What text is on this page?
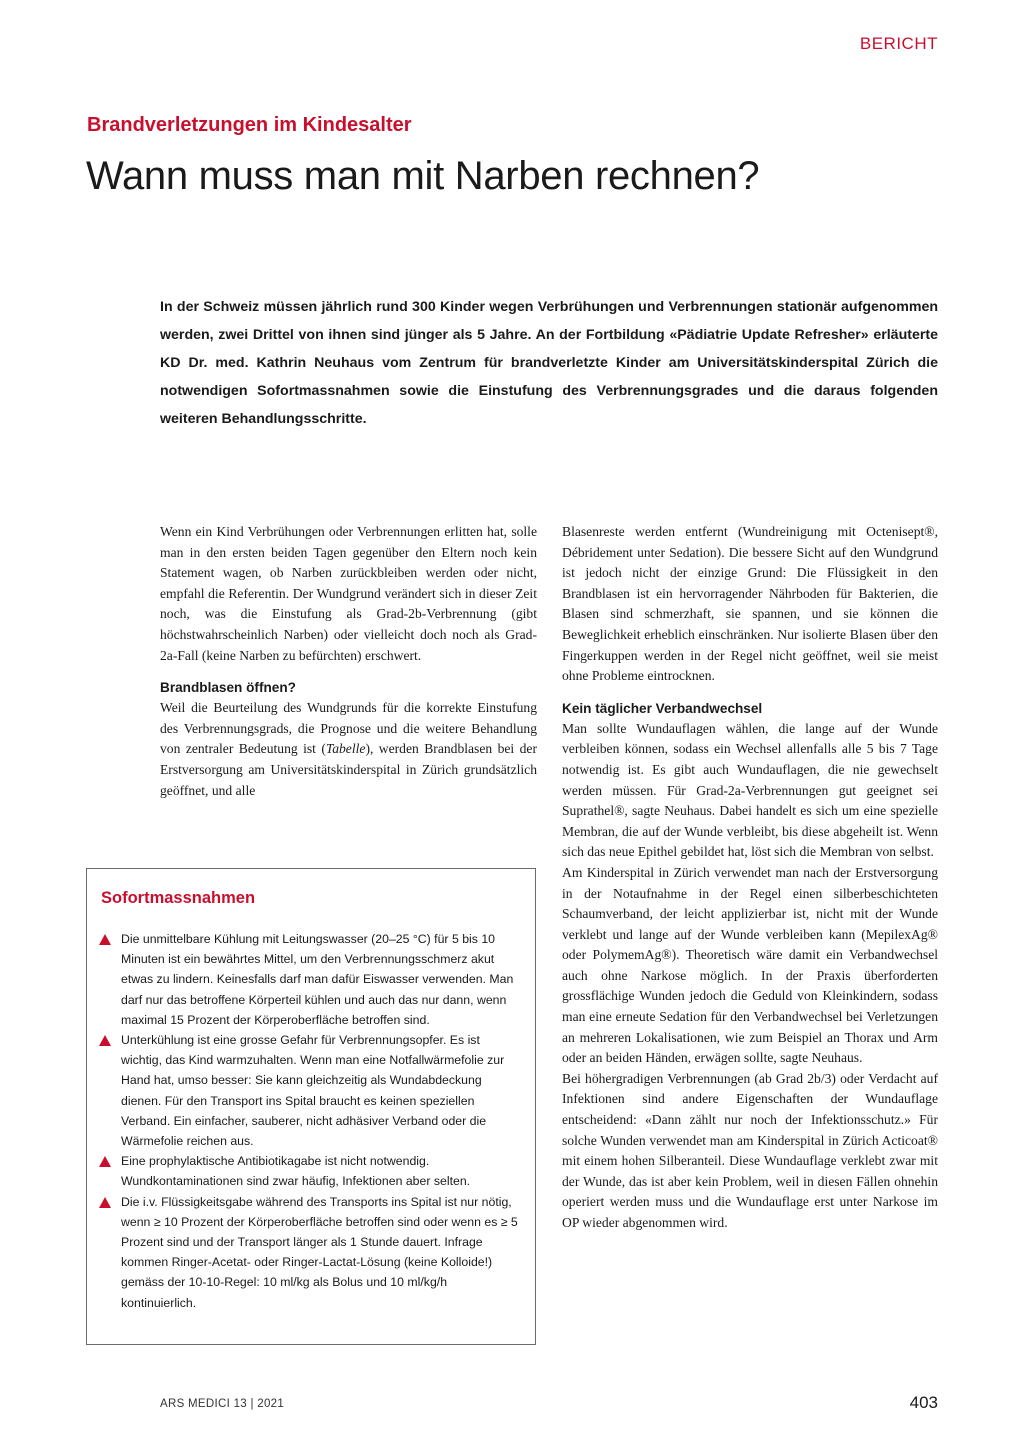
BERICHT
Brandverletzungen im Kindesalter
Wann muss man mit Narben rechnen?

In der Schweiz müssen jährlich rund 300 Kinder wegen Verbrühungen und Verbrennungen stationär aufgenommen werden, zwei Drittel von ihnen sind jünger als 5 Jahre. An der Fortbildung «Pädiatrie Update Refresher» erläuterte KD Dr. med. Kathrin Neuhaus vom Zentrum für brandverletzte Kinder am Universitätskinderspital Zürich die notwendigen Sofortmassnahmen sowie die Einstufung des Verbrennungsgrades und die daraus folgenden weiteren Behandlungsschritte.

Wenn ein Kind Verbrühungen oder Verbrennungen erlitten hat, solle man in den ersten beiden Tagen gegenüber den Eltern noch kein Statement wagen, ob Narben zurückbleiben werden oder nicht, empfahl die Referentin. Der Wundgrund verändert sich in dieser Zeit noch, was die Einstufung als Grad-2b-Verbrennung (gibt höchstwahrscheinlich Narben) oder vielleicht doch noch als Grad-2a-Fall (keine Narben zu befürchten) erschwert.

Brandblasen öffnen?

Weil die Beurteilung des Wundgrunds für die korrekte Einstufung des Verbrennungsgrads, die Prognose und die weitere Behandlung von zentraler Bedeutung ist (Tabelle), werden Brandblasen bei der Erstversorgung am Universitätskinderspital in Zürich grundsätzlich geöffnet, und alle

Blasenreste werden entfernt (Wundreinigung mit Octenisept®, Débridement unter Sedation). Die bessere Sicht auf den Wundgrund ist jedoch nicht der einzige Grund: Die Flüssigkeit in den Brandblasen ist ein hervorragender Nährboden für Bakterien, die Blasen sind schmerzhaft, sie spannen, und sie können die Beweglichkeit erheblich einschränken. Nur isolierte Blasen über den Fingerkuppen werden in der Regel nicht geöffnet, weil sie meist ohne Probleme eintrocknen.

Kein täglicher Verbandwechsel

Man sollte Wundauflagen wählen, die lange auf der Wunde verbleiben können, sodass ein Wechsel allenfalls alle 5 bis 7 Tage notwendig ist. Es gibt auch Wundauflagen, die nie gewechselt werden müssen. Für Grad-2a-Verbrennungen gut geeignet sei Suprathel®, sagte Neuhaus. Dabei handelt es sich um eine spezielle Membran, die auf der Wunde verbleibt, bis diese abgeheilt ist. Wenn sich das neue Epithel gebildet hat, löst sich die Membran von selbst.

Am Kinderspital in Zürich verwendet man nach der Erstversorgung in der Notaufnahme in der Regel einen silberbeschichteten Schaumverband, der leicht applizierbar ist, nicht mit der Wunde verklebt und lange auf der Wunde verbleiben kann (MepilexAg® oder PolymemAg®). Theoretisch wäre damit ein Verbandwechsel auch ohne Narkose möglich. In der Praxis überforderten grossflächige Wunden jedoch die Geduld von Kleinkindern, sodass man eine erneute Sedation für den Verbandwechsel bei Verletzungen an mehreren Lokalisationen, wie zum Beispiel an Thorax und Arm oder an beiden Händen, erwägen sollte, sagte Neuhaus.

Bei höhergradigen Verbrennungen (ab Grad 2b/3) oder Verdacht auf Infektionen sind andere Eigenschaften der Wundauflage entscheidend: «Dann zählt nur noch der Infektionsschutz.» Für solche Wunden verwendet man am Kinderspital in Zürich Acticoat® mit einem hohen Silberanteil. Diese Wundauflage verklebt zwar mit der Wunde, das ist aber kein Problem, weil in diesen Fällen ohnehin operiert werden muss und die Wundauflage erst unter Narkose im OP wieder abgenommen wird.

Sofortmassnahmen
Die unmittelbare Kühlung mit Leitungswasser (20–25 °C) für 5 bis 10 Minuten ist ein bewährtes Mittel, um den Verbrennungsschmerz akut etwas zu lindern. Keinesfalls darf man dafür Eiswasser verwenden. Man darf nur das betroffene Körperteil kühlen und auch das nur dann, wenn maximal 15 Prozent der Körperoberfläche betroffen sind.
Unterkühlung ist eine grosse Gefahr für Verbrennungsopfer. Es ist wichtig, das Kind warmzuhalten. Wenn man eine Notfallwärmefolie zur Hand hat, umso besser: Sie kann gleichzeitig als Wundabdeckung dienen. Für den Transport ins Spital braucht es keinen speziellen Verband. Ein einfacher, sauberer, nicht adhäsiver Verband oder die Wärmefolie reichen aus.
Eine prophylaktische Antibiotikagabe ist nicht notwendig. Wundkontaminationen sind zwar häufig, Infektionen aber selten.
Die i.v. Flüssigkeitsgabe während des Transports ins Spital ist nur nötig, wenn ≥ 10 Prozent der Körperoberfläche betroffen sind oder wenn es ≥ 5 Prozent sind und der Transport länger als 1 Stunde dauert. Infrage kommen Ringer-Acetat- oder Ringer-Lactat-Lösung (keine Kolloide!) gemäss der 10-10-Regel: 10 ml/kg als Bolus und 10 ml/kg/h kontinuierlich.
ARS MEDICI 13 | 2021	403
